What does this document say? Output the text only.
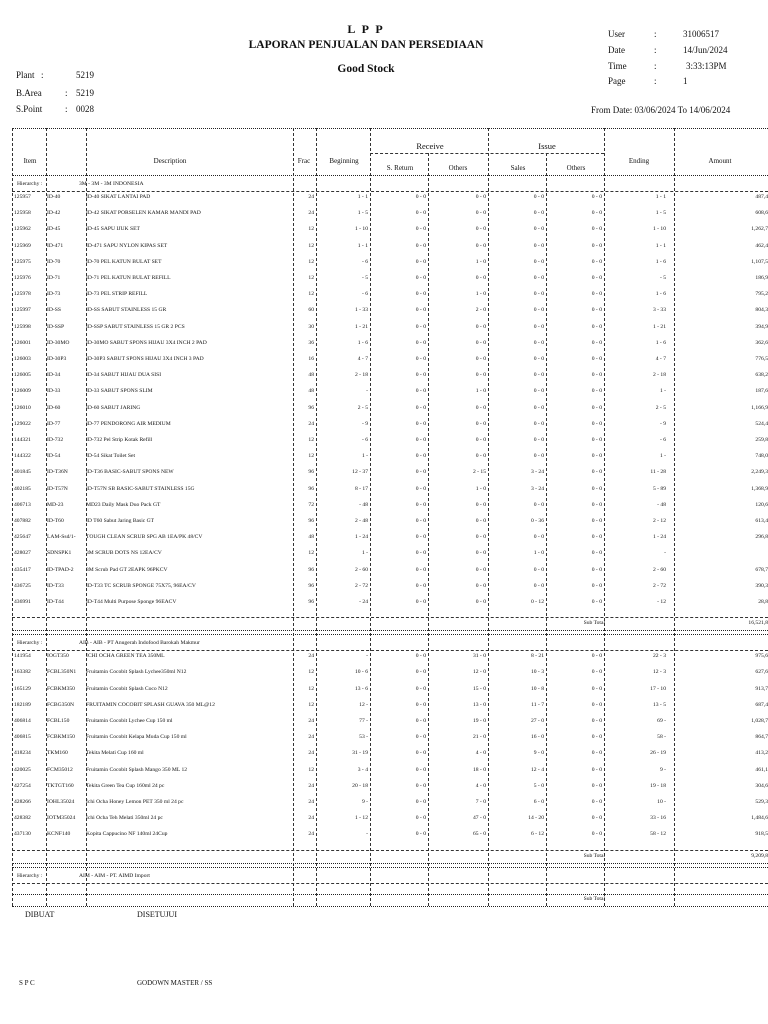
L P P
LAPORAN PENJUALAN DAN PERSEDIAAN
Good Stock
Plant :	5219
B.Area	: 5219
S.Point	: 0028
User	:	31006517
Date	:	14/Jun/2024
Time	:	3:33:13PM
Page	:	1
From Date: 03/06/2024 To 14/06/2024
Item	Description	Frac	Beginning
Receive	Issue
S. Return	Others	Sales	Others
Ending	Amount
Hierarchy :	3M - 3M - 3M INDONESIA
125957	ID-40	ID-40 SIKAT LANTAI PAD	24	1 - 1	0 - 0	0 - 0	0 - 0	0 - 0	1 - 1	487,4
125958	ID-42	ID-42 SIKAT PORSELEN KAMAR MANDI PAD	24	1 - 5	0 - 0	0 - 0	0 - 0	0 - 0	1 - 5	608,6
125962	ID-45	ID-45 SAPU IJUK SET	12	1 - 10	0 - 0	0 - 0	0 - 0	0 - 0	1 - 10	1,262,7
125969	ID-471	ID-471 SAPU NYLON KIPAS SET	12	1 - 1	0 - 0	0 - 0	0 - 0	0 - 0	1 - 1	462,4
125975	ID-70	ID-70 PEL KATUN BULAT SET	12	- 6	0 - 0	1 - 0	0 - 0	0 - 0	1 - 6	1,107,5
125976	ID-71	ID-71 PEL KATUN BULAT REFILL	12	- 5	0 - 0	0 - 0	0 - 0	0 - 0	- 5	186,9
125978	ID-73	ID-73 PEL STRIP REFILL	12	- 6	0 - 0	1 - 0	0 - 0	0 - 0	1 - 6	795,2
125997	ID-SS	ID-SS SABUT STAINLESS 15 GR	60	1 - 33	0 - 0	2 - 0	0 - 0	0 - 0	3 - 33	804,3
125998	ID-SSP	ID-SSP SABUT STAINLESS 15 GR 2 PCS	30	1 - 21	0 - 0	0 - 0	0 - 0	0 - 0	1 - 21	394,9
126001	ID-30MO	ID-30MO SABUT SPONS HIJAU 3X4 INCH 2 PAD	36	1 - 6	0 - 0	0 - 0	0 - 0	0 - 0	1 - 6	362,6
126003	ID-30P3	ID-30P3 SABUT SPONS HIJAU 3X4 INCH 3 PAD	16	4 - 7	0 - 0	0 - 0	0 - 0	0 - 0	4 - 7	776,5
126005	ID-34	ID-34 SABUT HIJAU DUA SISI	48	2 - 18	0 - 0	0 - 0	0 - 0	0 - 0	2 - 18	638,2
126009	ID-33	ID-33 SABUT SPONS SLIM	48	-	0 - 0	1 - 0	0 - 0	0 - 0	1 -	187,6
126010	ID-60	ID-60 SABUT JARING	96	2 - 5	0 - 0	0 - 0	0 - 0	0 - 0	2 - 5	1,166,9
129022	ID-77	ID-77 PENDORONG AIR MEDIUM	24	- 9	0 - 0	0 - 0	0 - 0	0 - 0	- 9	524,4
144321	ID-732	ID-732 Pel Strip Kotak Refill	12	- 6	0 - 0	0 - 0	0 - 0	0 - 0	- 6	259,8
144322	ID-54	ID-54 Sikat Toilet Set	12	1 -	0 - 0	0 - 0	0 - 0	0 - 0	1 -	748,0
401845	ID-T36N	ID-T36 BASIC-SABUT SPONS NEW	96	12 - 37	0 - 0	2 - 15	3 - 24	0 - 0	11 - 28	2,249,3
402185	ID-T57N	ID-T57N SB BASIC-SABUT STAINLESS 15G	96	8 - 17	0 - 0	1 - 0	3 - 24	0 - 0	5 - 89	1,368,9
406713	MD-23	MD23 Daily Mask Duo Pack GT	72	- 48	0 - 0	0 - 0	0 - 0	0 - 0	- 48	120,6
407882	ID-T60	ID T60 Sabut Jaring Basic GT	96	2 - 48	0 - 0	0 - 0	0 - 36	0 - 0	2 - 12	613,4
425647	LAM-Ssd/1-	TOUGH CLEAN SCRUB SPG AB 1EA/PK 48/CV	48	1 - 24	0 - 0	0 - 0	0 - 0	0 - 0	1 - 24	296,8
428027	SDNSPK1	3M SCRUB DOTS NS 12EA/CV	12	1 -	0 - 0	0 - 0	1 - 0	0 - 0	-
435417	ID-TPAD-2	3M Scrub Pad GT 2EAPK 96PKCV	96	2 - 60	0 - 0	0 - 0	0 - 0	0 - 0	2 - 60	678,7
436725	ID-T33	ID-T33 TC SCRUB SPONGE 75X75, 96EA/CV	96	2 - 72	0 - 0	0 - 0	0 - 0	0 - 0	2 - 72	390,3
436991	ID-T44	ID-T44 Multi Purpose Sponge 96EACV	96	- 24	0 - 0	0 - 0	0 - 12	0 - 0	- 12	28,8
Sub Total	16,521,8
Hierarchy :	AIB - AIB - PT Anugerah Indofood Barokah Makmur
141954	IOGT350	ICHI OCHA GREEN TEA 350ML	24	-	0 - 0	31 - 0	8 - 21	0 - 0	22 - 3	975,6
163382	FCBL350N1	Fruitamin Cocobit Splash Lychee350ml N12	12	10 - 6	0 - 0	12 - 0	10 - 3	0 - 0	12 - 3	627,6
165129	FCBKM350	Fruitamin Cocobit Splash Coco N12	12	13 - 6	0 - 0	15 - 0	10 - 8	0 - 0	17 - 10	913,7
182189	FCBG350N	FRUITAMIN COCOBIT SPLASH GUAVA 350 ML@12	12	12 -	0 - 0	13 - 0	11 - 7	0 - 0	13 - 5	687,4
406814	FCBL150	Fruitamin Cocobit Lychee Cup 150 ml	24	77 -	0 - 0	19 - 0	27 - 0	0 - 0	69 -	1,028,7
406815	FCBKM150	Fruitamin Cocobit Kelapa Muda Cup 150 ml	24	53 -	0 - 0	21 - 0	16 - 0	0 - 0	58 -	864,7
418234	TKM160	Tekita Melati Cup 160 ml	24	31 - 19	0 - 0	4 - 0	9 - 0	0 - 0	26 - 19	413,2
420025	FCM35012	Fruitamin Cocobit Splash Mango 350 ML 12	12	3 - 4	0 - 0	18 - 0	12 - 4	0 - 0	9 -	461,1
427254	TKTGT160	Tekita Green Tea Cup 160ml 24 pc	24	20 - 18	0 - 0	4 - 0	5 - 0	0 - 0	19 - 18	304,6
428266	IOHL35024	Ichi Ocha Honey Lemon PET 350 ml 24 pc	24	9 -	0 - 0	7 - 0	6 - 0	0 - 0	10 -	529,3
428382	IOTM35024	Ichi Ocha Teh Melati 350ml 24 pc	24	1 - 12	0 - 0	47 - 0	14 - 20	0 - 0	33 - 16	1,484,6
437130	KCNF140	Kopita Cappucino NF 140ml 24Cup	24	-	0 - 0	65 - 0	6 - 12	0 - 0	58 - 12	918,5
Sub Total	9,209,8
Hierarchy :	AIM - AIM - PT. AIMD Import
Sub Total
DIBUAT	DISETUJUI
S P C	GODOWN MASTER / SS
